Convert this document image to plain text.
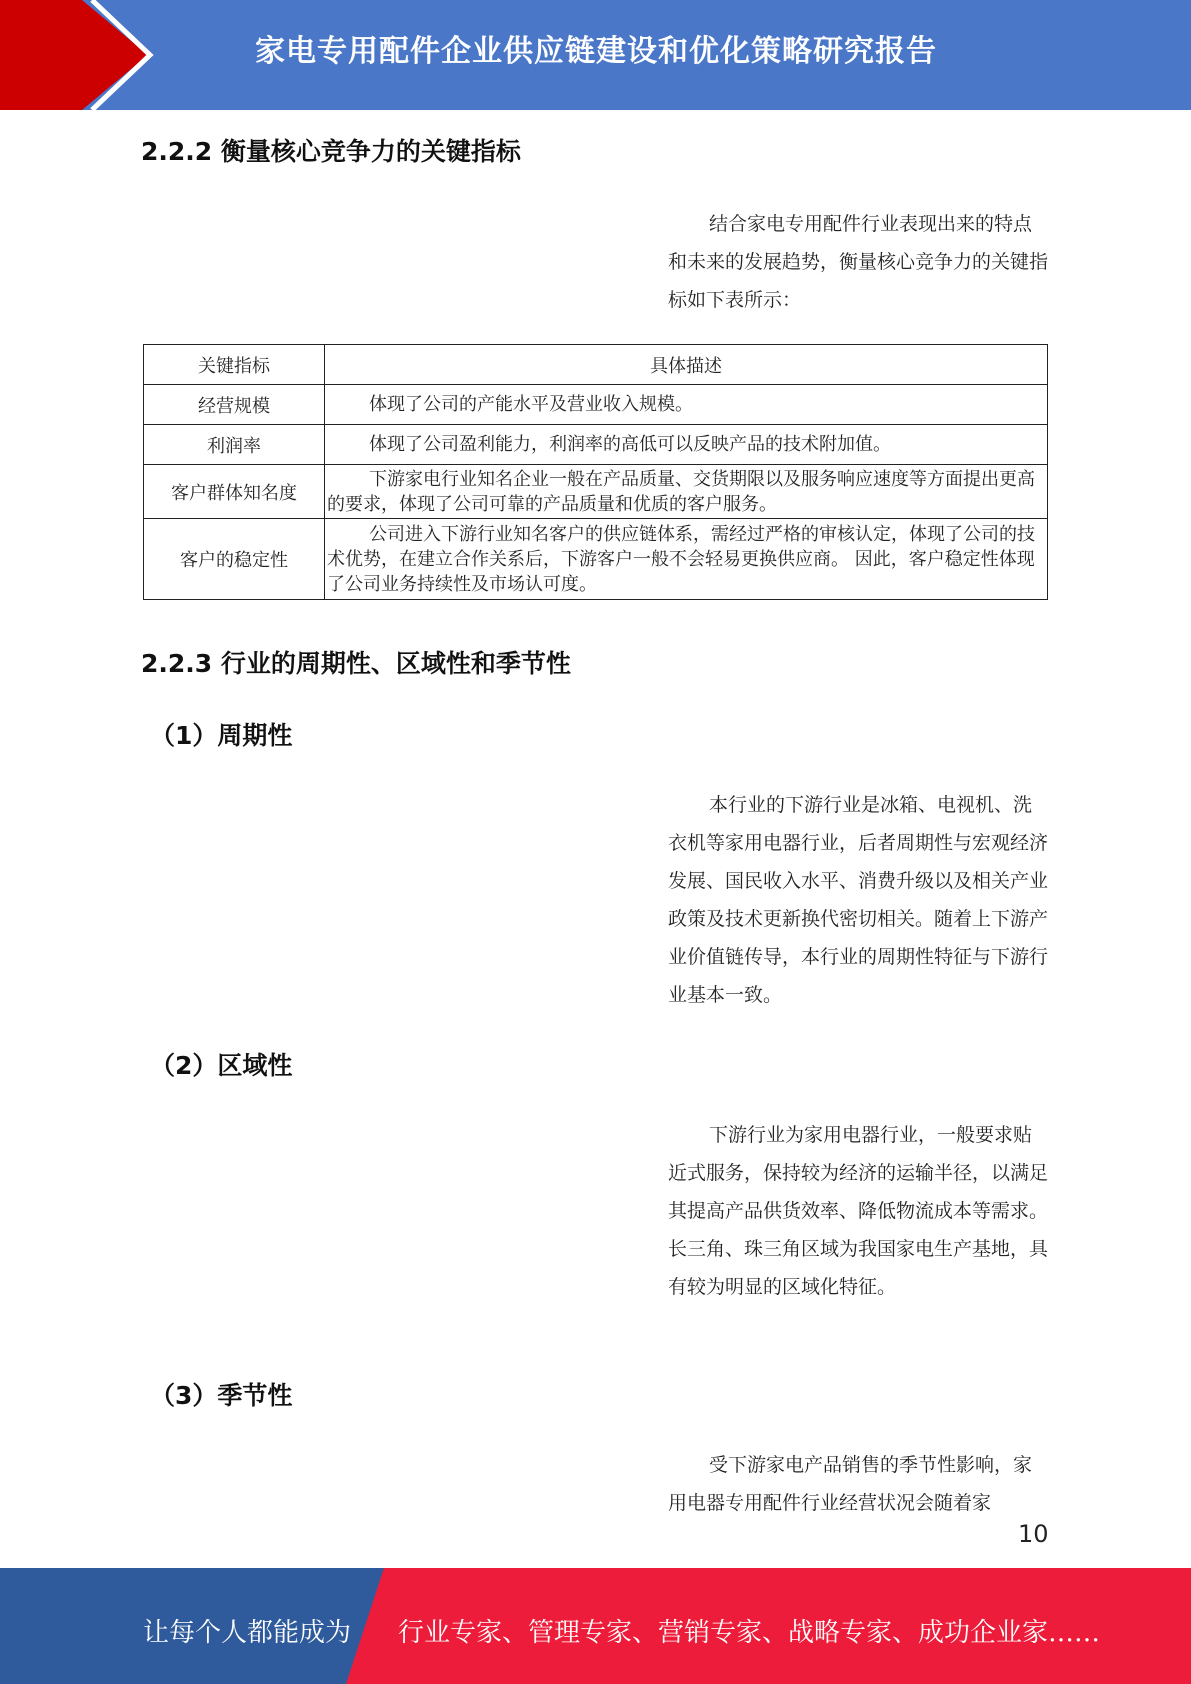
家电专用配件企业供应链建设和优化策略研究报告
2.2.2 衡量核心竞争力的关键指标
结合家电专用配件行业表现出来的特点和未来的发展趋势，衡量核心竞争力的关键指标如下表所示：
关键指标	具体描述
经营规模	体现了公司的产能水平及营业收入规模。
利润率	体现了公司盈利能力，利润率的高低可以反映产品的技术附加值。
客户群体知名度	下游家电行业知名企业一般在产品质量、交货期限以及服务响应速度等方面提出更高的要求，体现了公司可靠的产品质量和优质的客户服务。
客户的稳定性	公司进入下游行业知名客户的供应链体系，需经过严格的审核认定，体现了公司的技术优势，在建立合作关系后，下游客户一般不会轻易更换供应商。 因此，客户稳定性体现了公司业务持续性及市场认可度。
2.2.3 行业的周期性、区域性和季节性
（1）周期性
本行业的下游行业是冰箱、电视机、洗衣机等家用电器行业，后者周期性与宏观经济发展、国民收入水平、消费升级以及相关产业政策及技术更新换代密切相关。随着上下游产业价值链传导，本行业的周期性特征与下游行业基本一致。
（2）区域性
下游行业为家用电器行业，一般要求贴近式服务，保持较为经济的运输半径，以满足其提高产品供货效率、降低物流成本等需求。长三角、珠三角区域为我国家电生产基地，具有较为明显的区域化特征。
（3）季节性
受下游家电产品销售的季节性影响，家用电器专用配件行业经营状况会随着家
10
让每个人都能成为 行业专家、管理专家、营销专家、战略专家、成功企业家……
